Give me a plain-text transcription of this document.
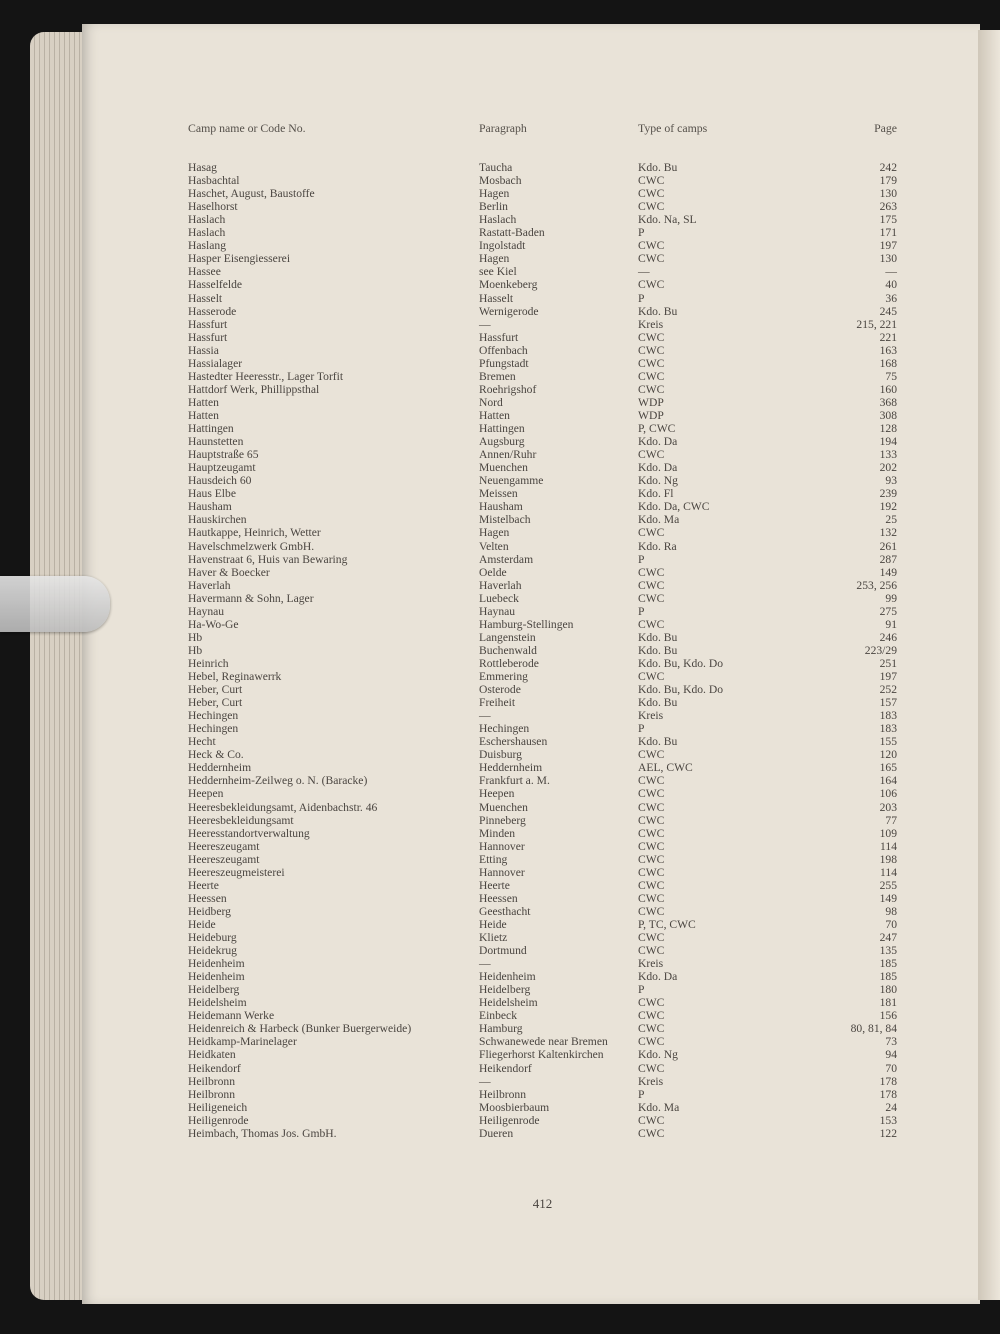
Camp name or Code No.	Paragraph	Type of camps	Page
Hasag	Taucha	Kdo. Bu	242
Hasbachtal	Mosbach	CWC	179
Haschet, August, Baustoffe	Hagen	CWC	130
Haselhorst	Berlin	CWC	263
Haslach	Haslach	Kdo. Na, SL	175
Haslach	Rastatt-Baden	P	171
Haslang	Ingolstadt	CWC	197
Hasper Eisengiesserei	Hagen	CWC	130
Hassee	see Kiel	—	—
Hasselfelde	Moenkeberg	CWC	40
Hasselt	Hasselt	P	36
Hasserode	Wernigerode	Kdo. Bu	245
Hassfurt	—	Kreis	215, 221
Hassfurt	Hassfurt	CWC	221
Hassia	Offenbach	CWC	163
Hassialager	Pfungstadt	CWC	168
Hastedter Heeresstr., Lager Torfit	Bremen	CWC	75
Hattdorf Werk, Phillippsthal	Roehrigshof	CWC	160
Hatten	Nord	WDP	368
Hatten	Hatten	WDP	308
Hattingen	Hattingen	P, CWC	128
Haunstetten	Augsburg	Kdo. Da	194
Hauptstraße 65	Annen/Ruhr	CWC	133
Hauptzeugamt	Muenchen	Kdo. Da	202
Hausdeich 60	Neuengamme	Kdo. Ng	93
Haus Elbe	Meissen	Kdo. Fl	239
Hausham	Hausham	Kdo. Da, CWC	192
Hauskirchen	Mistelbach	Kdo. Ma	25
Hautkappe, Heinrich, Wetter	Hagen	CWC	132
Havelschmelzwerk GmbH.	Velten	Kdo. Ra	261
Havenstraat 6, Huis van Bewaring	Amsterdam	P	287
Haver & Boecker	Oelde	CWC	149
Haverlah	Haverlah	CWC	253, 256
Havermann & Sohn, Lager	Luebeck	CWC	99
Haynau	Haynau	P	275
Ha-Wo-Ge	Hamburg-Stellingen	CWC	91
Hb	Langenstein	Kdo. Bu	246
Hb	Buchenwald	Kdo. Bu	223/29
Heinrich	Rottleberode	Kdo. Bu, Kdo. Do	251
Hebel, Reginawerrk	Emmering	CWC	197
Heber, Curt	Osterode	Kdo. Bu, Kdo. Do	252
Heber, Curt	Freiheit	Kdo. Bu	157
Hechingen	—	Kreis	183
Hechingen	Hechingen	P	183
Hecht	Eschershausen	Kdo. Bu	155
Heck & Co.	Duisburg	CWC	120
Heddernheim	Heddernheim	AEL, CWC	165
Heddernheim-Zeilweg o. N. (Baracke)	Frankfurt a. M.	CWC	164
Heepen	Heepen	CWC	106
Heeresbekleidungsamt, Aidenbachstr. 46	Muenchen	CWC	203
Heeresbekleidungsamt	Pinneberg	CWC	77
Heeresstandortverwaltung	Minden	CWC	109
Heereszeugamt	Hannover	CWC	114
Heereszeugamt	Etting	CWC	198
Heereszeugmeisterei	Hannover	CWC	114
Heerte	Heerte	CWC	255
Heessen	Heessen	CWC	149
Heidberg	Geesthacht	CWC	98
Heide	Heide	P, TC, CWC	70
Heideburg	Klietz	CWC	247
Heidekrug	Dortmund	CWC	135
Heidenheim	—	Kreis	185
Heidenheim	Heidenheim	Kdo. Da	185
Heidelberg	Heidelberg	P	180
Heidelsheim	Heidelsheim	CWC	181
Heidemann Werke	Einbeck	CWC	156
Heidenreich & Harbeck (Bunker Buergerweide)	Hamburg	CWC	80, 81, 84
Heidkamp-Marinelager	Schwanewede near Bremen	CWC	73
Heidkaten	Fliegerhorst Kaltenkirchen	Kdo. Ng	94
Heikendorf	Heikendorf	CWC	70
Heilbronn	—	Kreis	178
Heilbronn	Heilbronn	P	178
Heiligeneich	Moosbierbaum	Kdo. Ma	24
Heiligenrode	Heiligenrode	CWC	153
Heimbach, Thomas Jos. GmbH.	Dueren	CWC	122
412
